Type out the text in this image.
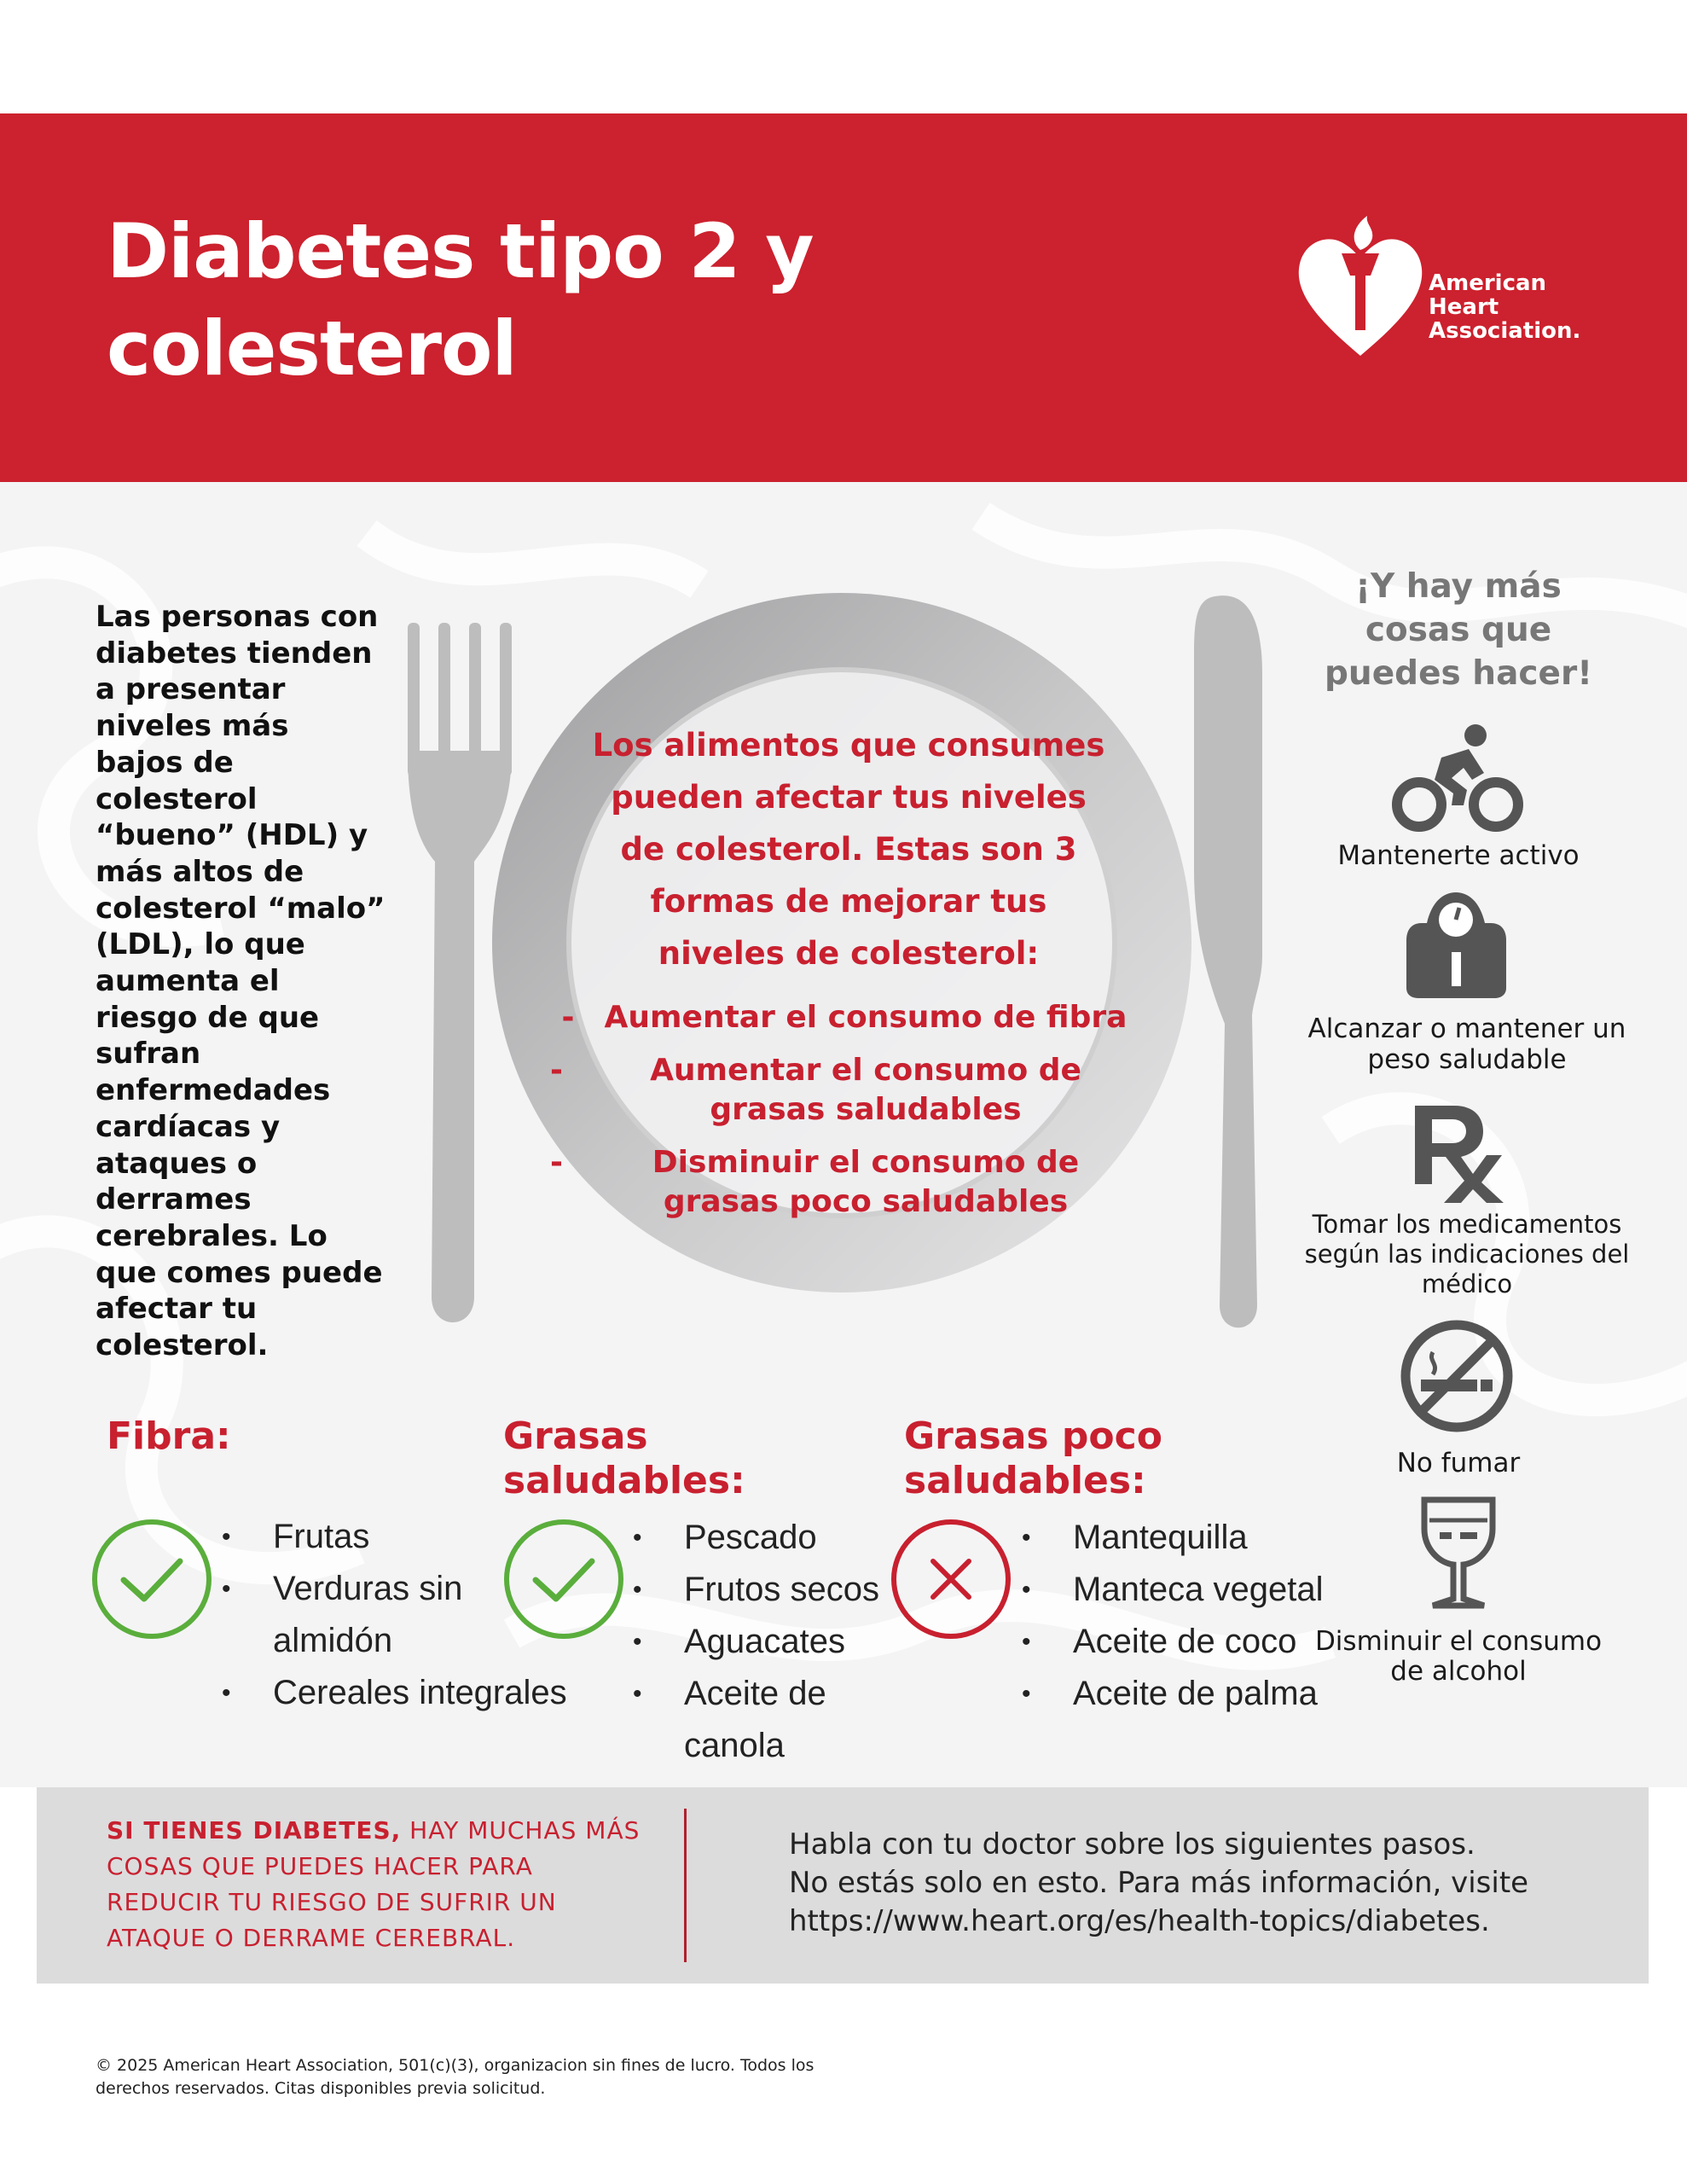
Diabetes tipo 2 y
colesterol
American
Heart
Association.
Las personas con diabetes tienden a presentar niveles más bajos de colesterol “bueno” (HDL) y más altos de colesterol “malo” (LDL), lo que aumenta el riesgo de que sufran enfermedades cardíacas y ataques o derrames cerebrales. Lo que comes puede afectar tu colesterol.
Los alimentos que consumes pueden afectar tus niveles de colesterol. Estas son 3 formas de mejorar tus niveles de colesterol:
- Aumentar el consumo de fibra
-	Aumentar el consumo de grasas saludables
-	Disminuir el consumo de grasas poco saludables
¡Y hay más cosas que puedes hacer!
Mantenerte activo
Alcanzar o mantener un peso saludable
Tomar los medicamentos según las indicaciones del médico
No fumar
Disminuir el consumo de alcohol
Fibra:
• Frutas
• Verduras sin almidón
• Cereales integrales
Grasas saludables:
• Pescado
• Frutos secos
• Aguacates
• Aceite de canola
Grasas poco saludables:
• Mantequilla
• Manteca vegetal
• Aceite de coco
• Aceite de palma
SI TIENES DIABETES, HAY MUCHAS MÁS COSAS QUE PUEDES HACER PARA REDUCIR TU RIESGO DE SUFRIR UN ATAQUE O DERRAME CEREBRAL.
Habla con tu doctor sobre los siguientes pasos.
No estás solo en esto. Para más información, visite
https://www.heart.org/es/health-topics/diabetes.
© 2025 American Heart Association, 501(c)(3), organizacion sin fines de lucro. Todos los
derechos reservados. Citas disponibles previa solicitud.
